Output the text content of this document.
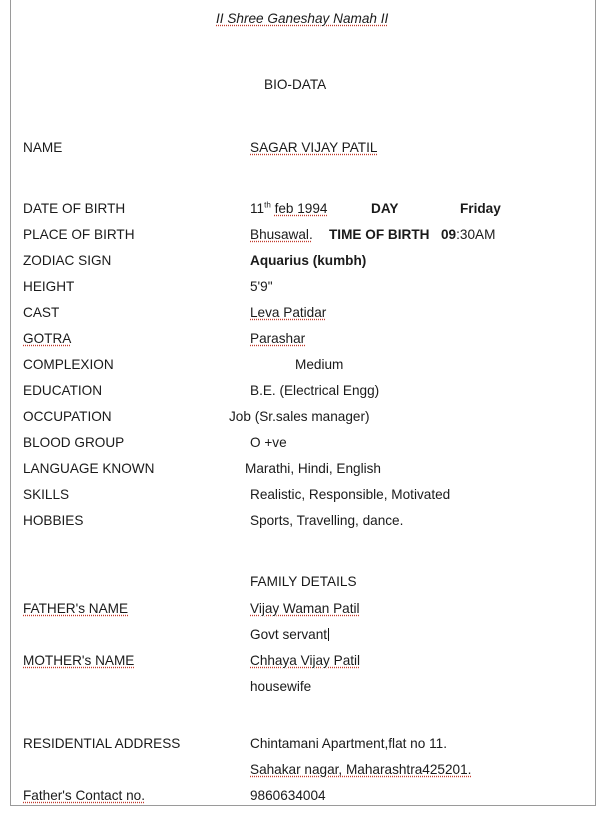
II Shree Ganeshay Namah II
BIO-DATA
NAME	SAGAR VIJAY PATIL
DATE OF BIRTH	11th feb 1994	DAY	Friday
PLACE OF BIRTH	Bhusawal. TIME OF BIRTH 09:30AM
ZODIAC SIGN	Aquarius (kumbh)
HEIGHT	5'9"
CAST	Leva Patidar
GOTRA	Parashar
COMPLEXION	Medium
EDUCATION	B.E. (Electrical Engg)
OCCUPATION	Job (Sr.sales manager)
BLOOD GROUP	O +ve
LANGUAGE KNOWN	Marathi, Hindi, English
SKILLS	Realistic, Responsible, Motivated
HOBBIES	Sports, Travelling, dance.
FAMILY DETAILS
FATHER's NAME	Vijay Waman Patil
Govt servant
MOTHER's NAME	Chhaya Vijay Patil
housewife
RESIDENTIAL ADDRESS	Chintamani Apartment,flat no 11.
Sahakar nagar, Maharashtra425201.
Father's Contact no.	9860634004
